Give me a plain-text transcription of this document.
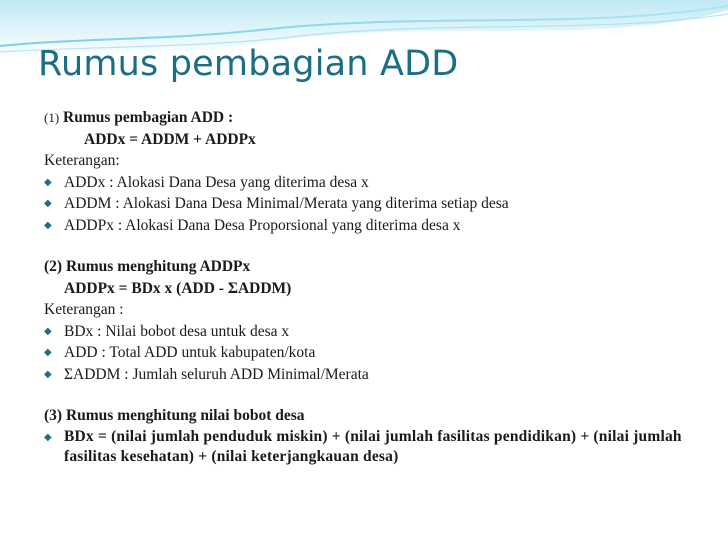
Rumus pembagian ADD
(1) Rumus pembagian ADD :
ADDx = ADDM + ADDPx
Keterangan:
◆ ADDx : Alokasi Dana Desa yang diterima desa x
◆ ADDM : Alokasi Dana Desa Minimal/Merata yang diterima setiap desa
◆ ADDPx : Alokasi Dana Desa Proporsional yang diterima desa x
(2) Rumus menghitung ADDPx
ADDPx = BDx x (ADD - ΣADDM)
Keterangan :
◆ BDx : Nilai bobot desa untuk desa x
◆ ADD : Total ADD untuk kabupaten/kota
◆ ΣADDM : Jumlah seluruh ADD Minimal/Merata
(3) Rumus menghitung nilai bobot desa
◆ BDx = (nilai jumlah penduduk miskin) + (nilai jumlah fasilitas pendidikan) + (nilai jumlah fasilitas kesehatan) + (nilai keterjangkauan desa)
